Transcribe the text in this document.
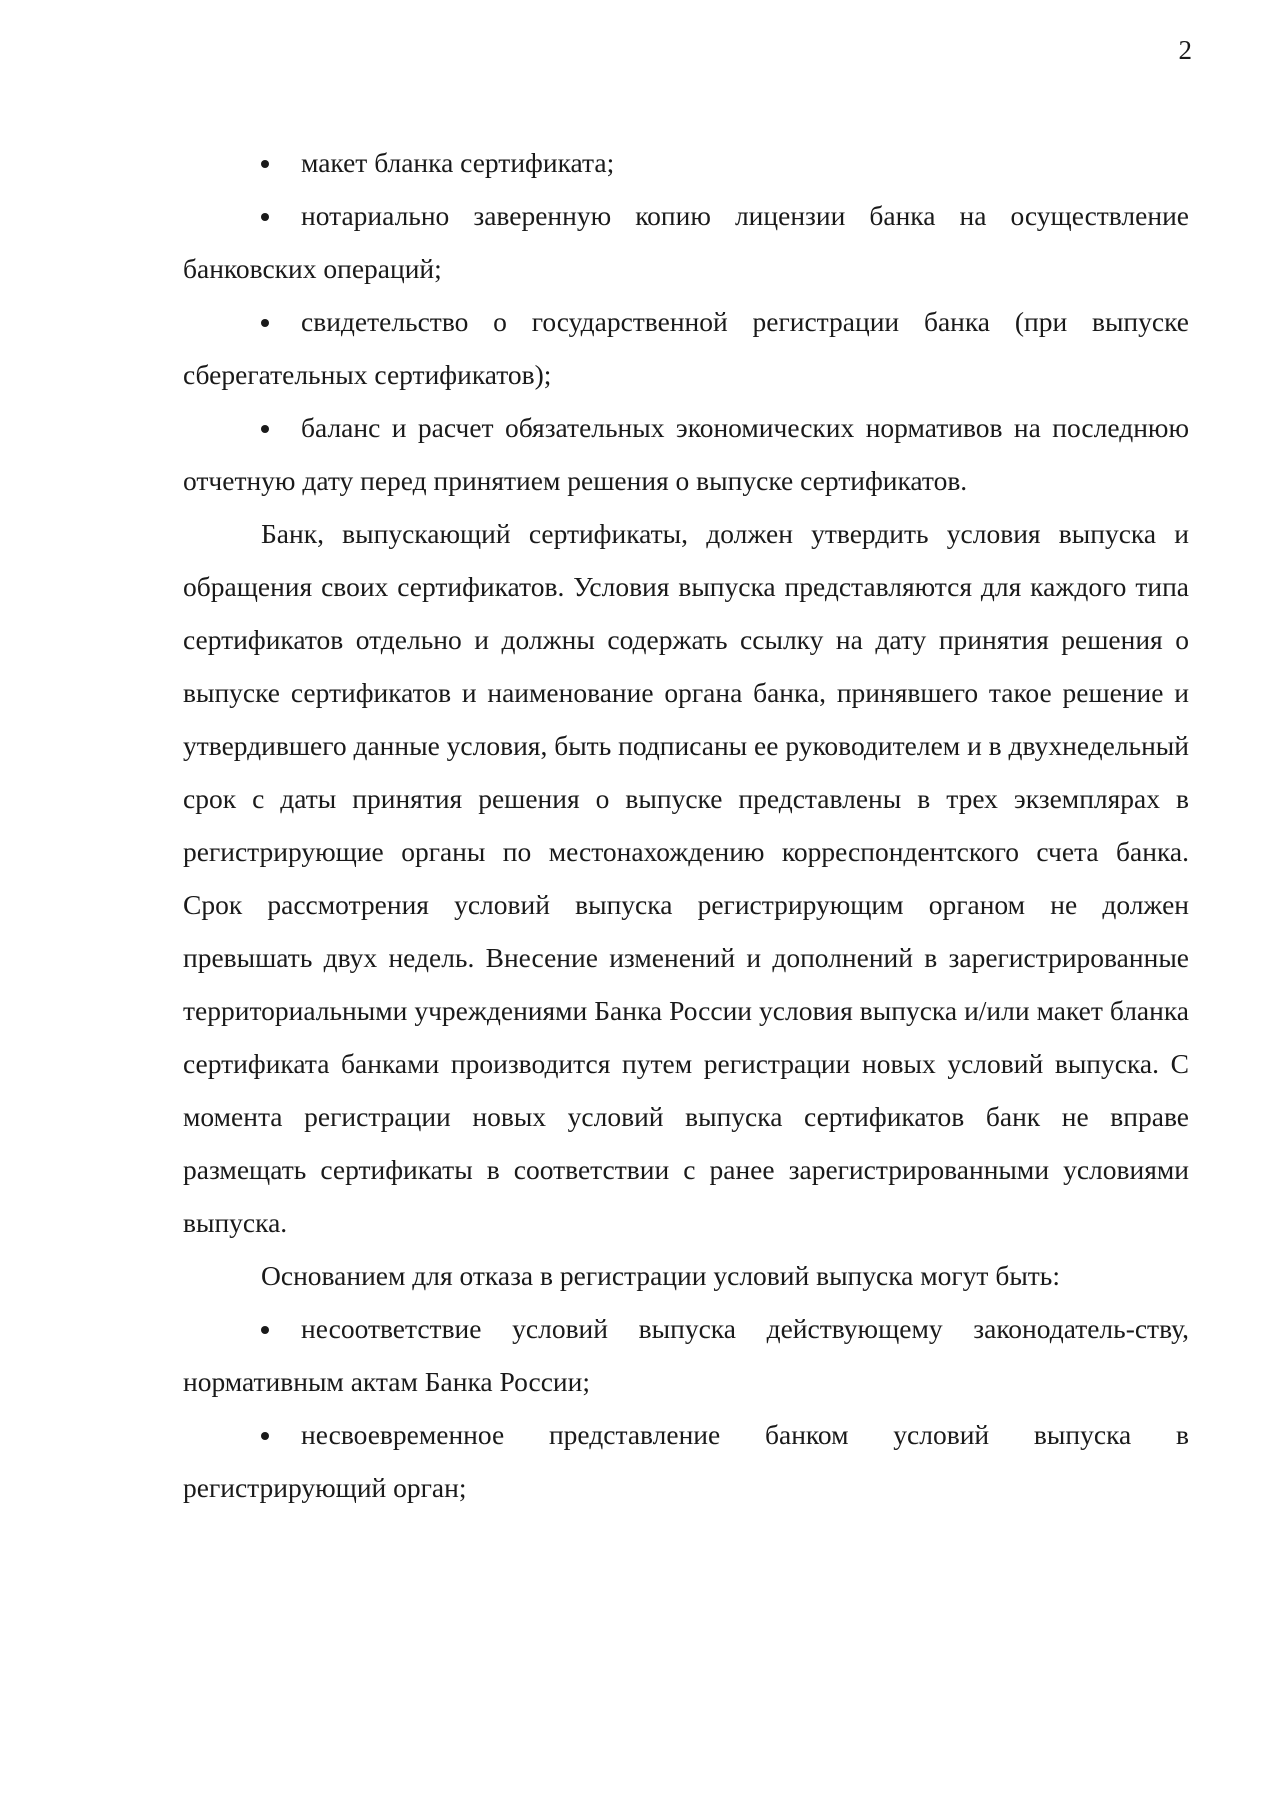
2

макет бланка сертификата;

нотариально заверенную копию лицензии банка на осуществление банковских операций;

свидетельство о государственной регистрации банка (при выпуске сберегательных сертификатов);

баланс и расчет обязательных экономических нормативов на последнюю отчетную дату перед принятием решения о выпуске сертификатов.

Банк, выпускающий сертификаты, должен утвердить условия выпуска и обращения своих сертификатов. Условия выпуска представляются для каждого типа сертификатов отдельно и должны содержать ссылку на дату принятия решения о выпуске сертификатов и наименование органа банка, принявшего такое решение и утвердившего данные условия, быть подписаны ее руководителем и в двухнедельный срок с даты принятия решения о выпуске представлены в трех экземплярах в регистрирующие органы по местонахождению корреспондентского счета банка. Срок рассмотрения условий выпуска регистрирующим органом не должен превышать двух недель. Внесение изменений и дополнений в зарегистрированные территориальными учреждениями Банка России условия выпуска и/или макет бланка сертификата банками производится путем регистрации новых условий выпуска. С момента регистрации новых условий выпуска сертификатов банк не вправе размещать сертификаты в соответствии с ранее зарегистрированными условиями выпуска.

Основанием для отказа в регистрации условий выпуска могут быть:

несоответствие условий выпуска действующему законодатель-ству, нормативным актам Банка России;

несвоевременное представление банком условий выпуска в регистрирующий орган;
